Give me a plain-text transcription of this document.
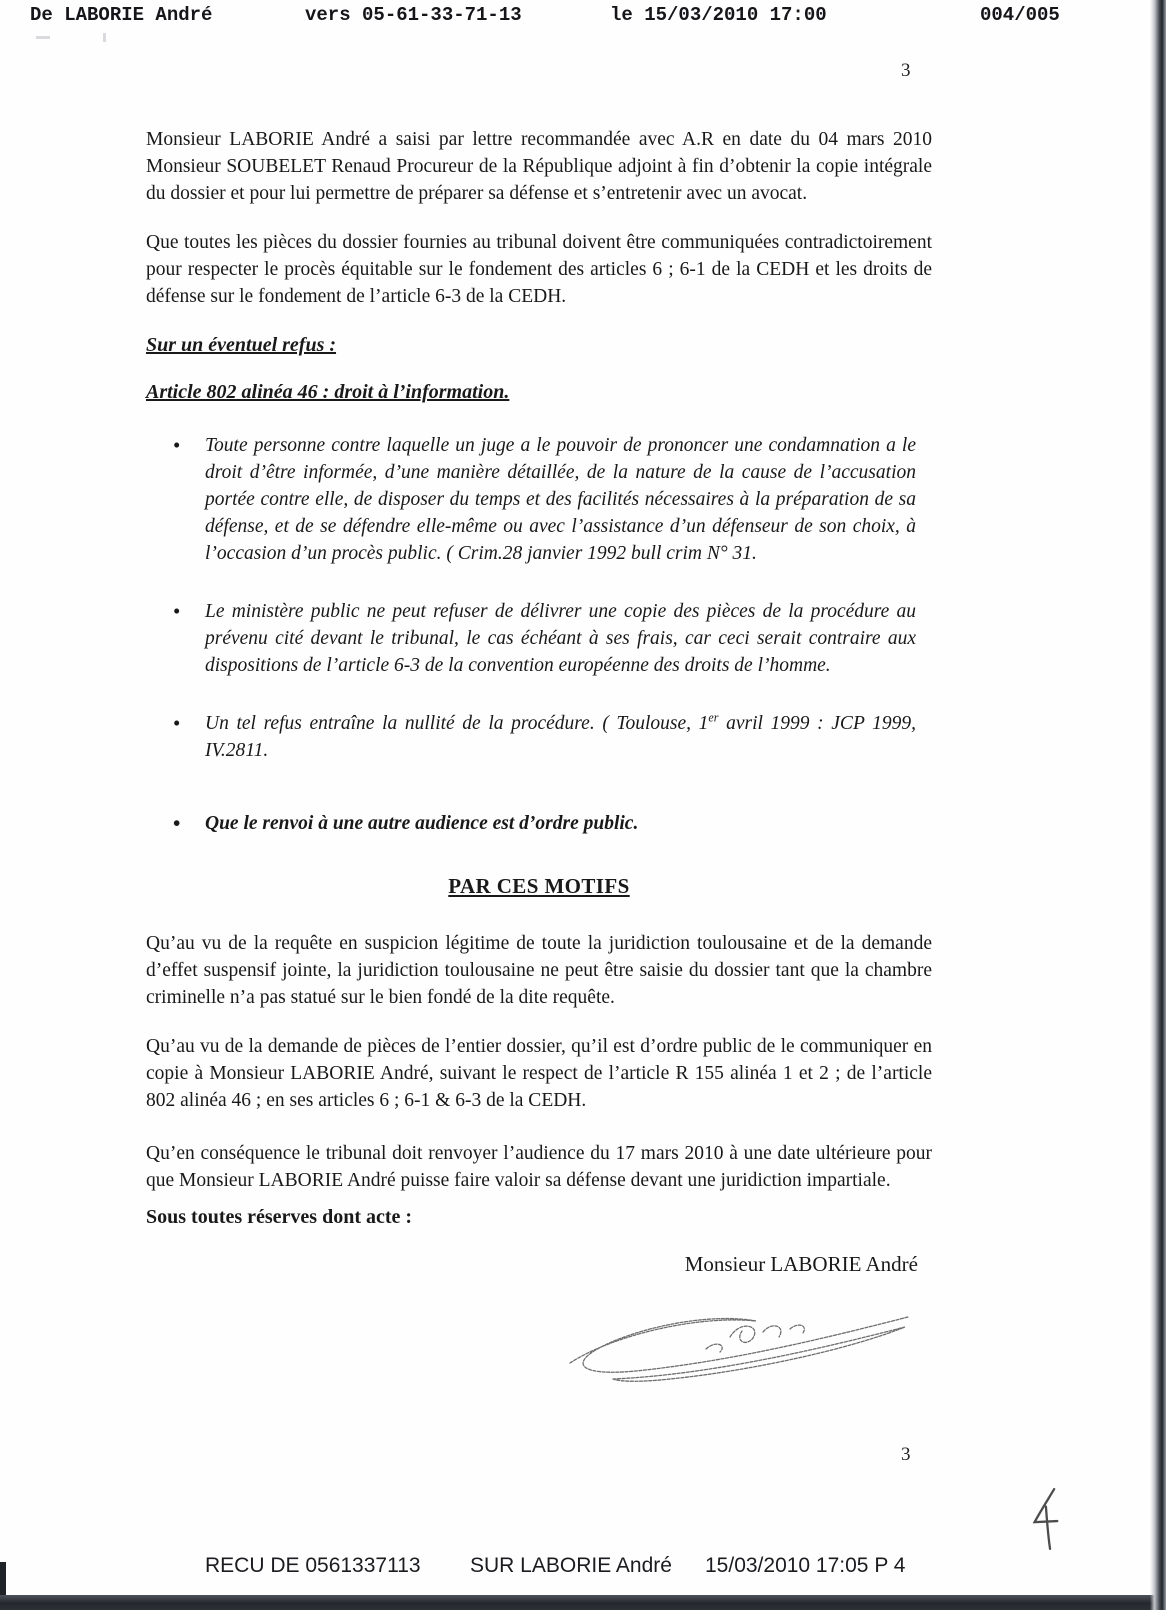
De LABORIE André	vers 05-61-33-71-13	le 15/03/2010 17:00	004/005
3

Monsieur LABORIE André a saisi par lettre recommandée avec A.R en date du 04 mars 2010 Monsieur SOUBELET Renaud Procureur de la République adjoint à fin d’obtenir la copie intégrale du dossier et pour lui permettre de préparer sa défense et s’entretenir avec un avocat.

Que toutes les pièces du dossier fournies au tribunal doivent être communiquées contradictoirement pour respecter le procès équitable sur le fondement des articles 6 ; 6-1 de la CEDH et les droits de défense sur le fondement de l’article 6-3 de la CEDH.

Sur un éventuel refus :
Article 802 alinéa 46 : droit à l’information.
• Toute personne contre laquelle un juge a le pouvoir de prononcer une condamnation a le droit d’être informée, d’une manière détaillée, de la nature de la cause de l’accusation portée contre elle, de disposer du temps et des facilités nécessaires à la préparation de sa défense, et de se défendre elle-même ou avec l’assistance d’un défenseur de son choix, à l’occasion d’un procès public. ( Crim.28 janvier 1992 bull crim N° 31.
• Le ministère public ne peut refuser de délivrer une copie des pièces de la procédure au prévenu cité devant le tribunal, le cas échéant à ses frais, car ceci serait contraire aux dispositions de l’article 6-3 de la convention européenne des droits de l’homme.
• Un tel refus entraîne la nullité de la procédure. ( Toulouse, 1er avril 1999 : JCP 1999, IV.2811.
• Que le renvoi à une autre audience est d’ordre public.
PAR CES MOTIFS

Qu’au vu de la requête en suspicion légitime de toute la juridiction toulousaine et de la demande d’effet suspensif jointe, la juridiction toulousaine ne peut être saisie du dossier tant que la chambre criminelle n’a pas statué sur le bien fondé de la dite requête.

Qu’au vu de la demande de pièces de l’entier dossier, qu’il est d’ordre public de le communiquer en copie à Monsieur LABORIE André, suivant le respect de l’article R 155 alinéa 1 et 2 ; de l’article 802 alinéa 46 ; en ses articles 6 ; 6-1 & 6-3 de la CEDH.

Qu’en conséquence le tribunal doit renvoyer l’audience du 17 mars 2010 à une date ultérieure pour que Monsieur LABORIE André puisse faire valoir sa défense devant une juridiction impartiale.

Sous toutes réserves dont acte :
Monsieur LABORIE André
3
RECU DE 0561337113 SUR LABORIE André 15/03/2010 17:05 P 4
